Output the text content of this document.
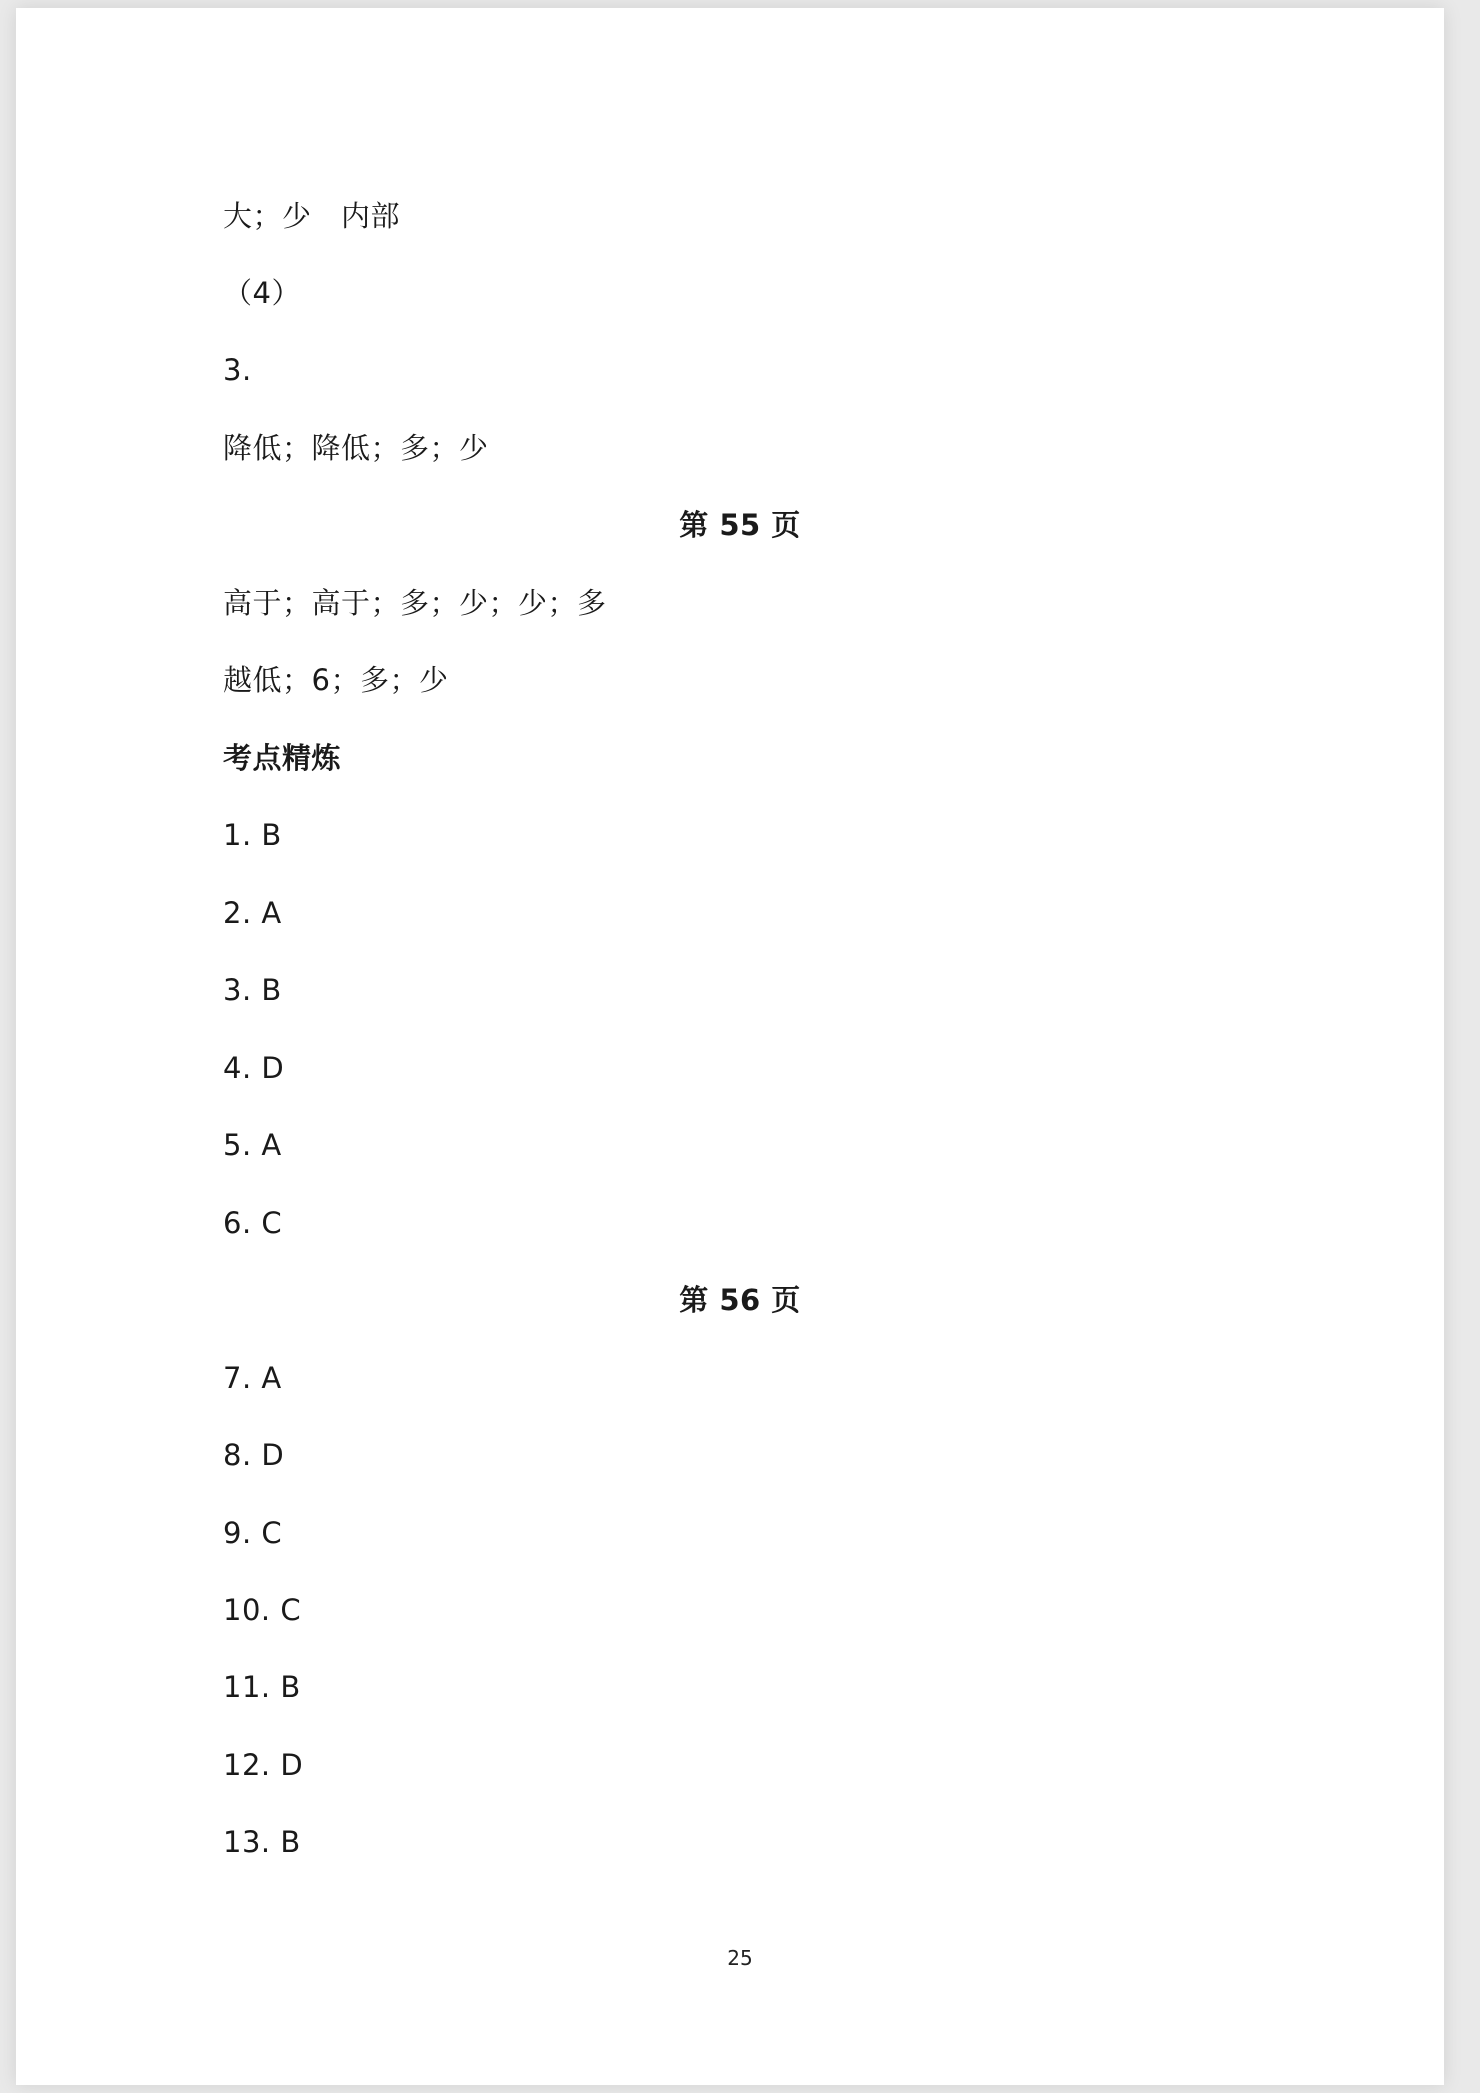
大；少　内部
（4）
3.
降低；降低；多；少
第 55 页
高于；高于；多；少；少；多
越低；6；多；少
考点精炼
1. B
2. A
3. B
4. D
5. A
6. C
第 56 页
7. A
8. D
9. C
10. C
11. B
12. D
13. B
25
